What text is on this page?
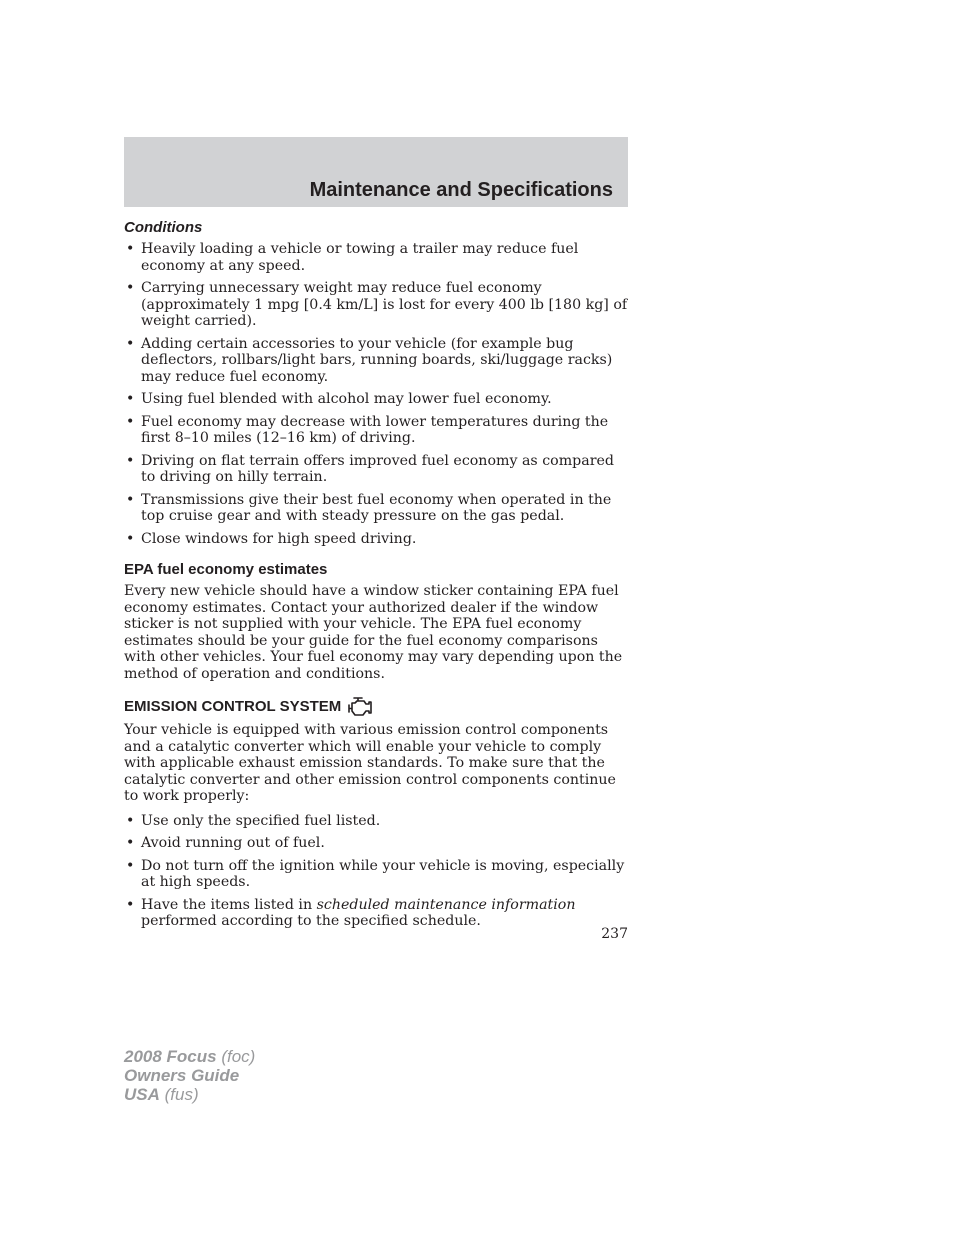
Maintenance and Specifications
Conditions
• Heavily loading a vehicle or towing a trailer may reduce fuel economy at any speed.
• Carrying unnecessary weight may reduce fuel economy (approximately 1 mpg [0.4 km/L] is lost for every 400 lb [180 kg] of weight carried).
• Adding certain accessories to your vehicle (for example bug deflectors, rollbars/light bars, running boards, ski/luggage racks) may reduce fuel economy.
• Using fuel blended with alcohol may lower fuel economy.
• Fuel economy may decrease with lower temperatures during the first 8–10 miles (12–16 km) of driving.
• Driving on flat terrain offers improved fuel economy as compared to driving on hilly terrain.
• Transmissions give their best fuel economy when operated in the top cruise gear and with steady pressure on the gas pedal.
• Close windows for high speed driving.
EPA fuel economy estimates

Every new vehicle should have a window sticker containing EPA fuel economy estimates. Contact your authorized dealer if the window sticker is not supplied with your vehicle. The EPA fuel economy estimates should be your guide for the fuel economy comparisons with other vehicles. Your fuel economy may vary depending upon the method of operation and conditions.

EMISSION CONTROL SYSTEM

Your vehicle is equipped with various emission control components and a catalytic converter which will enable your vehicle to comply with applicable exhaust emission standards. To make sure that the catalytic converter and other emission control components continue to work properly:

• Use only the specified fuel listed.
• Avoid running out of fuel.
• Do not turn off the ignition while your vehicle is moving, especially at high speeds.
• Have the items listed in scheduled maintenance information performed according to the specified schedule.
237
2008 Focus (foc)
Owners Guide
USA (fus)
